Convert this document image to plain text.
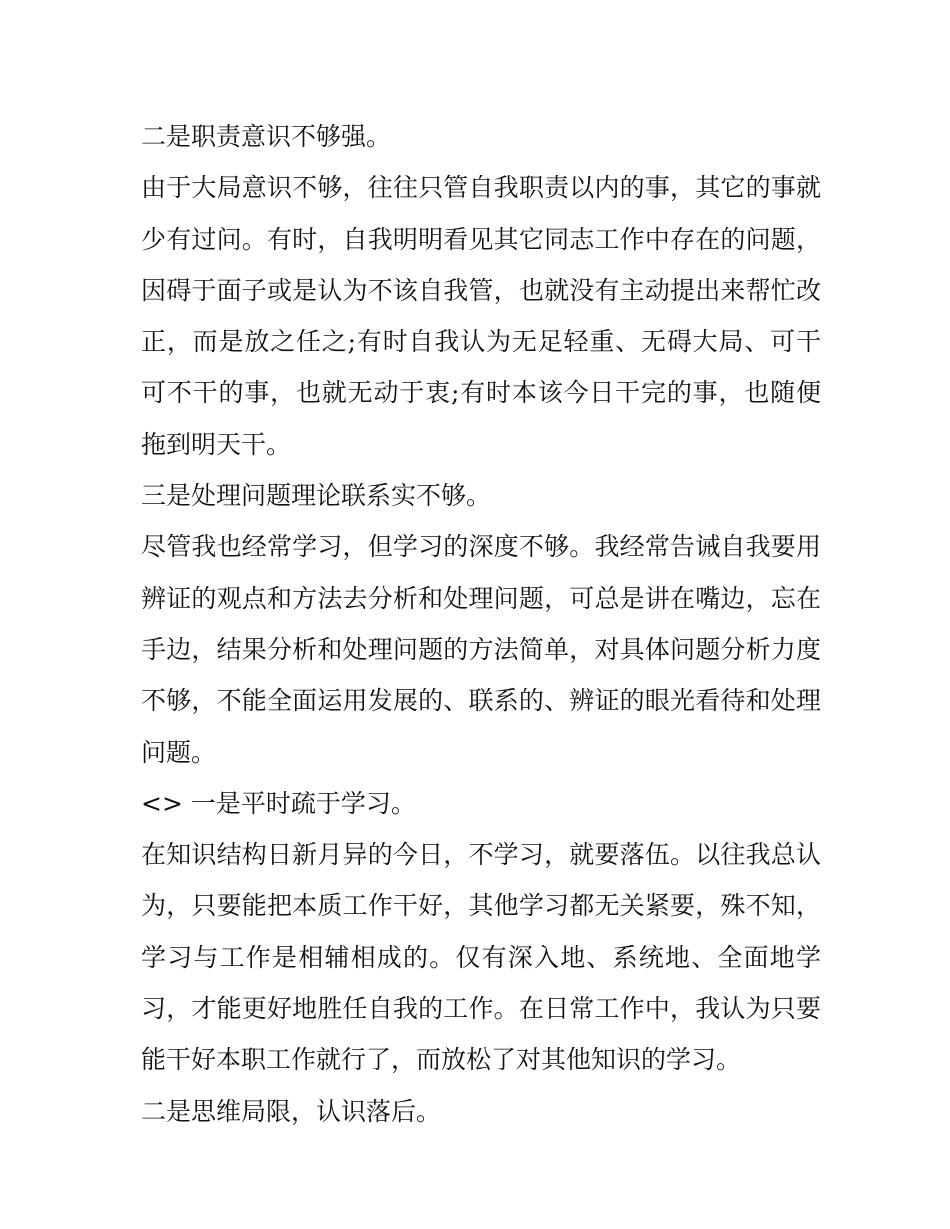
二是职责意识不够强。

由于大局意识不够，往往只管自我职责以内的事，其它的事就少有过问。有时，自我明明看见其它同志工作中存在的问题，因碍于面子或是认为不该自我管，也就没有主动提出来帮忙改正，而是放之任之;有时自我认为无足轻重、无碍大局、可干可不干的事，也就无动于衷;有时本该今日干完的事，也随便拖到明天干。

三是处理问题理论联系实不够。

尽管我也经常学习，但学习的深度不够。我经常告诫自我要用辨证的观点和方法去分析和处理问题，可总是讲在嘴边，忘在手边，结果分析和处理问题的方法简单，对具体问题分析力度不够，不能全面运用发展的、联系的、辨证的眼光看待和处理问题。

<> 一是平时疏于学习。

在知识结构日新月异的今日，不学习，就要落伍。以往我总认为，只要能把本质工作干好，其他学习都无关紧要，殊不知，学习与工作是相辅相成的。仅有深入地、系统地、全面地学习，才能更好地胜任自我的工作。在日常工作中，我认为只要能干好本职工作就行了，而放松了对其他知识的学习。

二是思维局限，认识落后。
